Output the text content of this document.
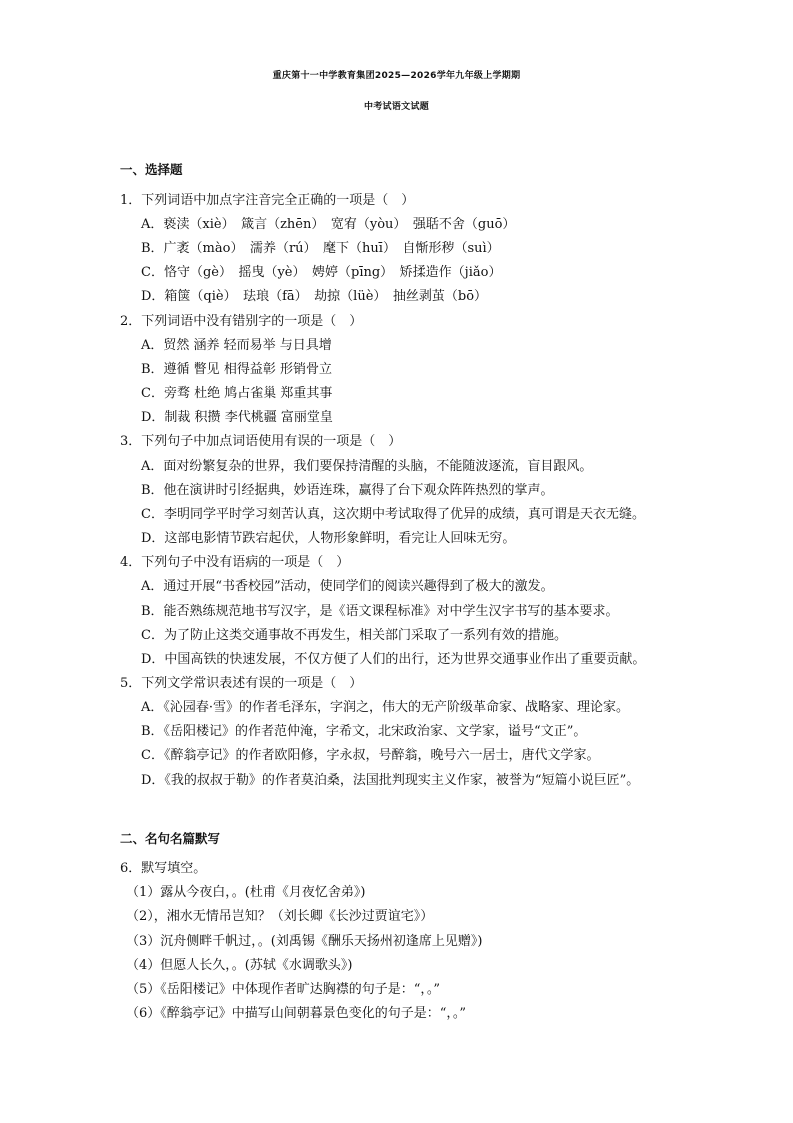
重庆第十一中学教育集团2025—2026学年九年级上学期期
中考试语文试题
一、选择题
1．下列词语中加点字注音完全正确的一项是（　）
A．亵渎（xiè）　箴言（zhēn）　宽宥（yòu）　强聒不舍（guō）
B．广袤（mào）　濡养（rú）　麾下（huī）　自惭形秽（suì）
C．恪守（gè）　摇曳（yè）　娉婷（pīng）　矫揉造作（jiǎo）
D．箱箧（qiè）　珐琅（fā）　劫掠（lüè）　抽丝剥茧（bō）
2．下列词语中没有错别字的一项是（　）
A．贸然 涵养 轻而易举 与日具增
B．遵循 瞥见 相得益彰 形销骨立
C．旁骛 杜绝 鸠占雀巢 郑重其事
D．制裁 积攒 李代桃疆 富丽堂皇
3．下列句子中加点词语使用有误的一项是（　）
A．面对纷繁复杂的世界，我们要保持清醒的头脑，不能随波逐流，盲目跟风。
B．他在演讲时引经据典，妙语连珠，赢得了台下观众阵阵热烈的掌声。
C．李明同学平时学习刻苦认真，这次期中考试取得了优异的成绩，真可谓是天衣无缝。
D．这部电影情节跌宕起伏，人物形象鲜明，看完让人回味无穷。
4．下列句子中没有语病的一项是（　）
A．通过开展“书香校园”活动，使同学们的阅读兴趣得到了极大的激发。
B．能否熟练规范地书写汉字，是《语文课程标准》对中学生汉字书写的基本要求。
C．为了防止这类交通事故不再发生，相关部门采取了一系列有效的措施。
D．中国高铁的快速发展，不仅方便了人们的出行，还为世界交通事业作出了重要贡献。
5．下列文学常识表述有误的一项是（　）
A．《沁园春·雪》的作者毛泽东，字润之，伟大的无产阶级革命家、战略家、理论家。
B．《岳阳楼记》的作者范仲淹，字希文，北宋政治家、文学家，谥号“文正”。
C．《醉翁亭记》的作者欧阳修，字永叔，号醉翁，晚号六一居士，唐代文学家。
D．《我的叔叔于勒》的作者莫泊桑，法国批判现实主义作家，被誉为“短篇小说巨匠”。
二、名句名篇默写
6．默写填空。
（1）露从今夜白，。(杜甫《月夜忆舍弟》)
（2），湘水无情吊岂知？（刘长卿《长沙过贾谊宅》）
（3）沉舟侧畔千帆过，。(刘禹锡《酬乐天扬州初逢席上见赠》)
（4）但愿人长久，。(苏轼《水调歌头》)
（5）《岳阳楼记》中体现作者旷达胸襟的句子是：“，。”
（6）《醉翁亭记》中描写山间朝暮景色变化的句子是：“，。”
